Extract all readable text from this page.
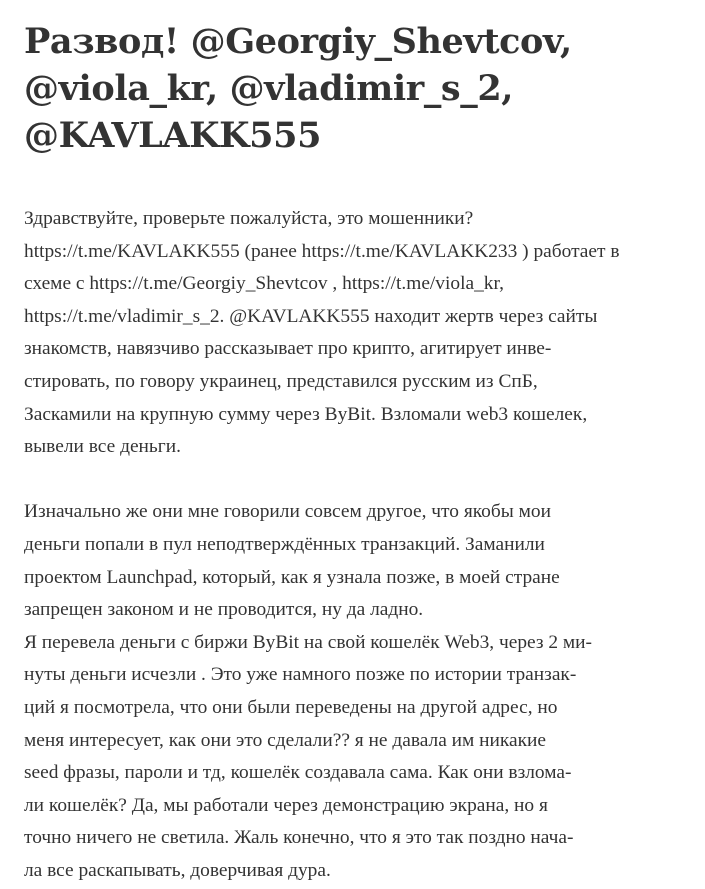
Развод! @Georgiy_Shevtcov,
@viola_kr, @vladimir_s_2,
@KAVLAKK555

Здравствуйте, проверьте пожалуйста, это мошенники?
https://t.me/KAVLAKK555 (ранее https://t.me/KAVLAKK233 ) работает в
схеме с https://t.me/Georgiy_Shevtcov , https://t.me/viola_kr,
https://t.me/vladimir_s_2. @KAVLAKK555 находит жертв через сайты
знакомств, навязчиво рассказывает про крипто, агитирует инве-
стировать, по говору украинец, представился русским из СпБ,
Заскамили на крупную сумму через ByBit. Взломали web3 кошелек,
вывели все деньги.

Изначально же они мне говорили совсем другое, что якобы мои
деньги попали в пул неподтверждённых транзакций. Заманили
проектом Launchpad, который, как я узнала позже, в моей стране
запрещен законом и не проводится, ну да ладно.
Я перевела деньги с биржи ByBit на свой кошелёк Web3, через 2 ми-
нуты деньги исчезли . Это уже намного позже по истории транзак-
ций я посмотрела, что они были переведены на другой адрес, но
меня интересует, как они это сделали?? я не давала им никакие
seed фразы, пароли и тд, кошелёк создавала сама. Как они взлома-
ли кошелёк? Да, мы работали через демонстрацию экрана, но я
точно ничего не светила. Жаль конечно, что я это так поздно нача-
ла все раскапывать, доверчивая дура.
